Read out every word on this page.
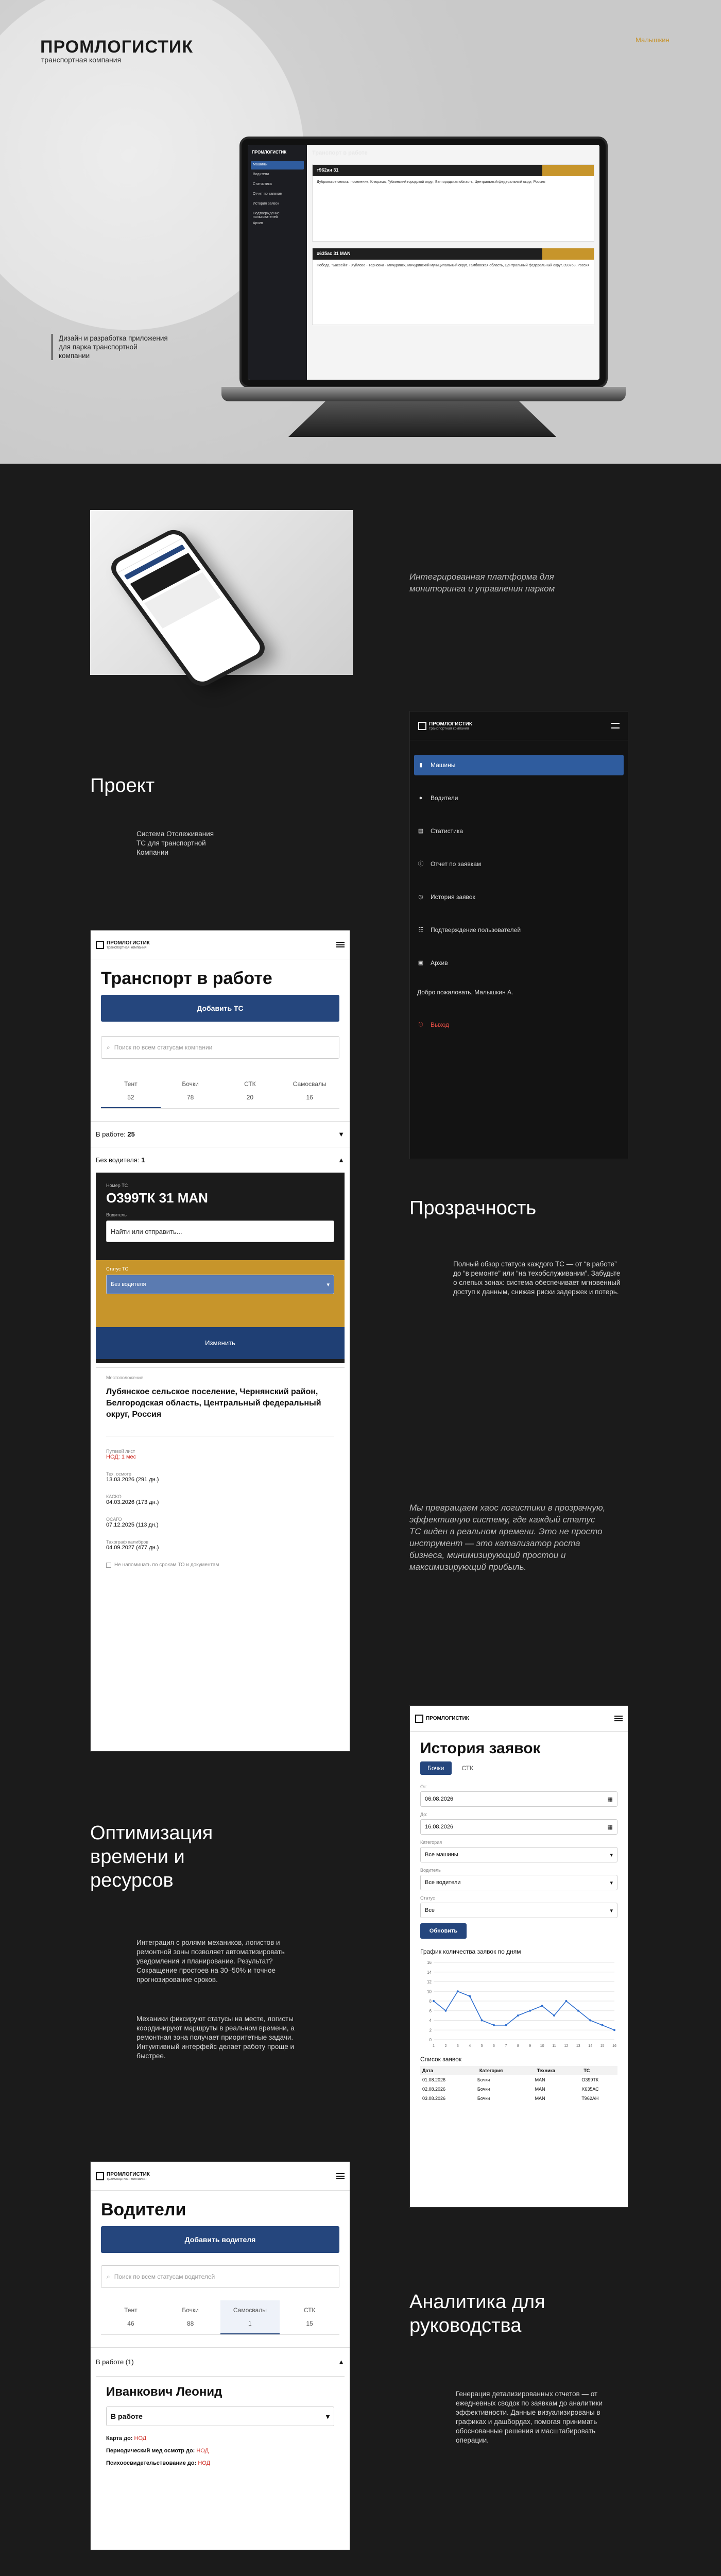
ПРОМЛОГИСТИК
транспортная компания
Малышкин
Дизайн и разработка приложения для парка транспортной компании
ПРОМЛОГИСТИК
Машины
Водители
Статистика
Отчет по заявкам
История заявок
Подтверждение пользователей
Архив
Транспорт в работе
т962ан 31
Дубровское сельск. поселение, Клюрама, Губкинский городской округ, Белгородская область, Центральный федеральный округ, Россия
х635ас 31 MAN
Победа, "Бассейн" - Хуйлово - Терновка - Мичуринск, Мичуринский муниципальный округ, Тамбовская область, Центральный федеральный округ, 393763, Россия
Интегрированная платформа для мониторинга и управления парком
Проект
Система Отслеживания ТС для транспортной Компании
ПРОМЛОГИСТИК
транспортная компания
▮	Машины
●	Водители
▤ Статистика
ⓘ Отчет по заявкам
◷ История заявок
☷ Подтверждение пользователей
▣ Архив
Добро пожаловать, Малышкин А.
⎋ Выход
ПРОМЛОГИСТИК
транспортная компания
Транспорт в работе
Добавить ТС
⌕ Поиск по всем статусам компании
Тент
52
Бочки
78
СТК
20
Самосвалы
16
В работе: 25	▼
Без водителя: 1	▲
Номер ТС
О399ТК 31 MAN
Водитель
Найти или отправить...
Статус ТС
Без водителя	▾
Изменить
Местоположение
Лубянское сельское поселение, Чернянский район, Белгородская область, Центральный федеральный округ, Россия
Путевой лист
НОД: 1 мес
Тех. осмотр
13.03.2026 (291 дн.)
КАСКО
04.03.2026 (173 дн.)
ОСАГО
07.12.2025 (113 дн.)
Тахограф калибров
04.09.2027 (477 дн.)
Не напоминать по срокам ТО и документам
Прозрачность
Полный обзор статуса каждого ТС — от “в работе” до “в ремонте” или “на техобслуживании”. Забудьте о слепых зонах: система обеспечивает мгновенный доступ к данным, снижая риски задержек и потерь.
Мы превращаем хаос логистики в прозрачную, эффективную систему, где каждый статус ТС виден в реальном времени. Это не просто инструмент — это катализатор роста бизнеса, минимизирующий простои и максимизирующий прибыль.
ПРОМЛОГИСТИК
История заявок
Бочки	СТК
От:
06.08.2026	▦
До:
16.08.2026	▦
Категория
Все машины	▾
Водитель
Все водители	▾
Статус
Все	▾
Обновить
График количества заявок по дням
16
14
12
10
8
6
4
2
0
1	2	3	4	5	6	7	8	9	10 11 12 13 14 15 16
Список заявок
Дата	Категория	Техника	ТС
01.08.2026	Бочки	MAN	О399ТК
02.08.2026	Бочки	MAN	Х635АС
03.08.2026	Бочки	MAN	Т962АН
Оптимизация времени и ресурсов
Интеграция с ролями механиков, логистов и ремонтной зоны позволяет автоматизировать уведомления и планирование. Результат? Сокращение простоев на 30–50% и точное прогнозирование сроков.
Механики фиксируют статусы на месте, логисты координируют маршруты в реальном времени, а ремонтная зона получает приоритетные задачи. Интуитивный интерфейс делает работу проще и быстрее.
ПРОМЛОГИСТИК
транспортная компания
Водители
Добавить водителя
⌕ Поиск по всем статусам водителей
Тент
46
Бочки
88
Самосвалы
1
СТК
15
В работе (1)	▲
Иванкович Леонид
В работе	▾
Карта до: НОД
Периодический мед осмотр до: НОД
Психоосвидетельствование до: НОД
Аналитика для руководства
Генерация детализированных отчетов — от ежедневных сводок по заявкам до аналитики эффективности. Данные визуализированы в графиках и дашбордах, помогая принимать обоснованные решения и масштабировать операции.
